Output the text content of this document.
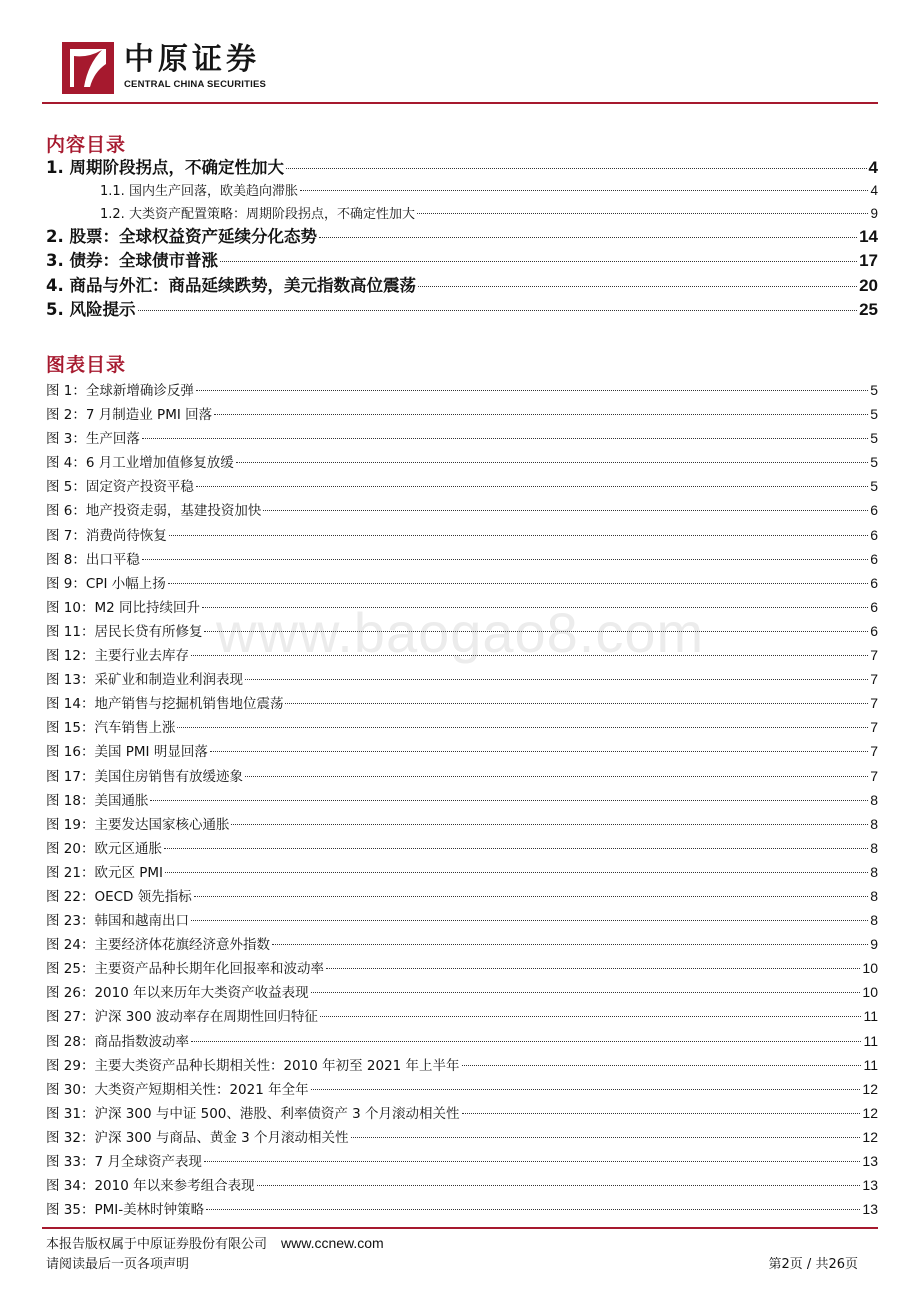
中原证券
CENTRAL CHINA SECURITIES
内容目录
1. 周期阶段拐点，不确定性加大	4
1.1. 国内生产回落，欧美趋向滞胀	4
1.2. 大类资产配置策略：周期阶段拐点，不确定性加大	9
2. 股票：全球权益资产延续分化态势	14
3. 债券：全球债市普涨	17
4. 商品与外汇：商品延续跌势，美元指数高位震荡	20
5. 风险提示	25
图表目录
图 1：全球新增确诊反弹	5
图 2：7 月制造业 PMI 回落	5
图 3：生产回落	5
图 4：6 月工业增加值修复放缓	5
图 5：固定资产投资平稳	5
图 6：地产投资走弱，基建投资加快	6
图 7：消费尚待恢复	6
图 8：出口平稳	6
图 9：CPI 小幅上扬	6
图 10：M2 同比持续回升	6
图 11：居民长贷有所修复	6
图 12：主要行业去库存	7
图 13：采矿业和制造业利润表现	7
图 14：地产销售与挖掘机销售地位震荡	7
图 15：汽车销售上涨	7
图 16：美国 PMI 明显回落	7
图 17：美国住房销售有放缓迹象	7
图 18：美国通胀	8
图 19：主要发达国家核心通胀	8
图 20：欧元区通胀	8
图 21：欧元区 PMI	8
图 22：OECD 领先指标	8
图 23：韩国和越南出口	8
图 24：主要经济体花旗经济意外指数	9
图 25：主要资产品种长期年化回报率和波动率	10
图 26：2010 年以来历年大类资产收益表现	10
图 27：沪深 300 波动率存在周期性回归特征	11
图 28：商品指数波动率	11
图 29：主要大类资产品种长期相关性：2010 年初至 2021 年上半年	11
图 30：大类资产短期相关性：2021 年全年	12
图 31：沪深 300 与中证 500、港股、利率债资产 3 个月滚动相关性	12
图 32：沪深 300 与商品、黄金 3 个月滚动相关性	12
图 33：7 月全球资产表现	13
图 34：2010 年以来参考组合表现	13
图 35：PMI-美林时钟策略	13
www.baogao8.com
本报告版权属于中原证券股份有限公司 www.ccnew.com
请阅读最后一页各项声明	第2页 / 共26页
